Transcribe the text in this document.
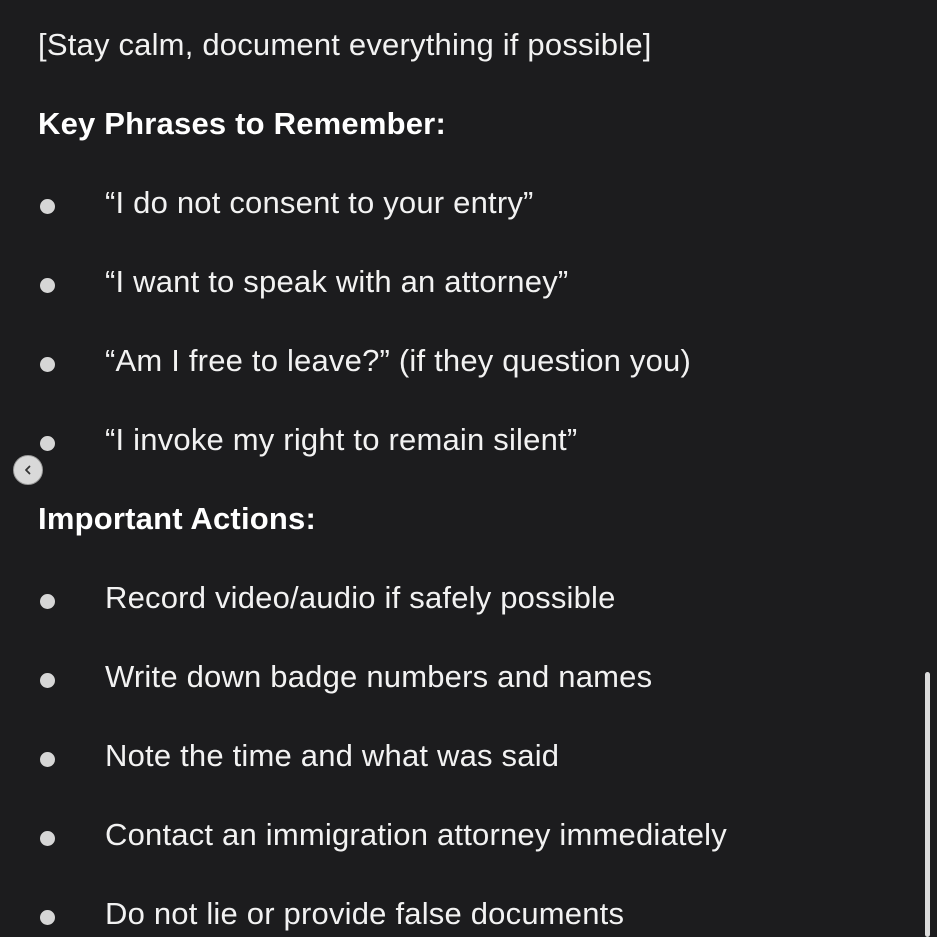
[Stay calm, document everything if possible]
Key Phrases to Remember:
“I do not consent to your entry”
“I want to speak with an attorney”
“Am I free to leave?” (if they question you)
“I invoke my right to remain silent”
Important Actions:
Record video/audio if safely possible
Write down badge numbers and names
Note the time and what was said
Contact an immigration attorney immediately
Do not lie or provide false documents
